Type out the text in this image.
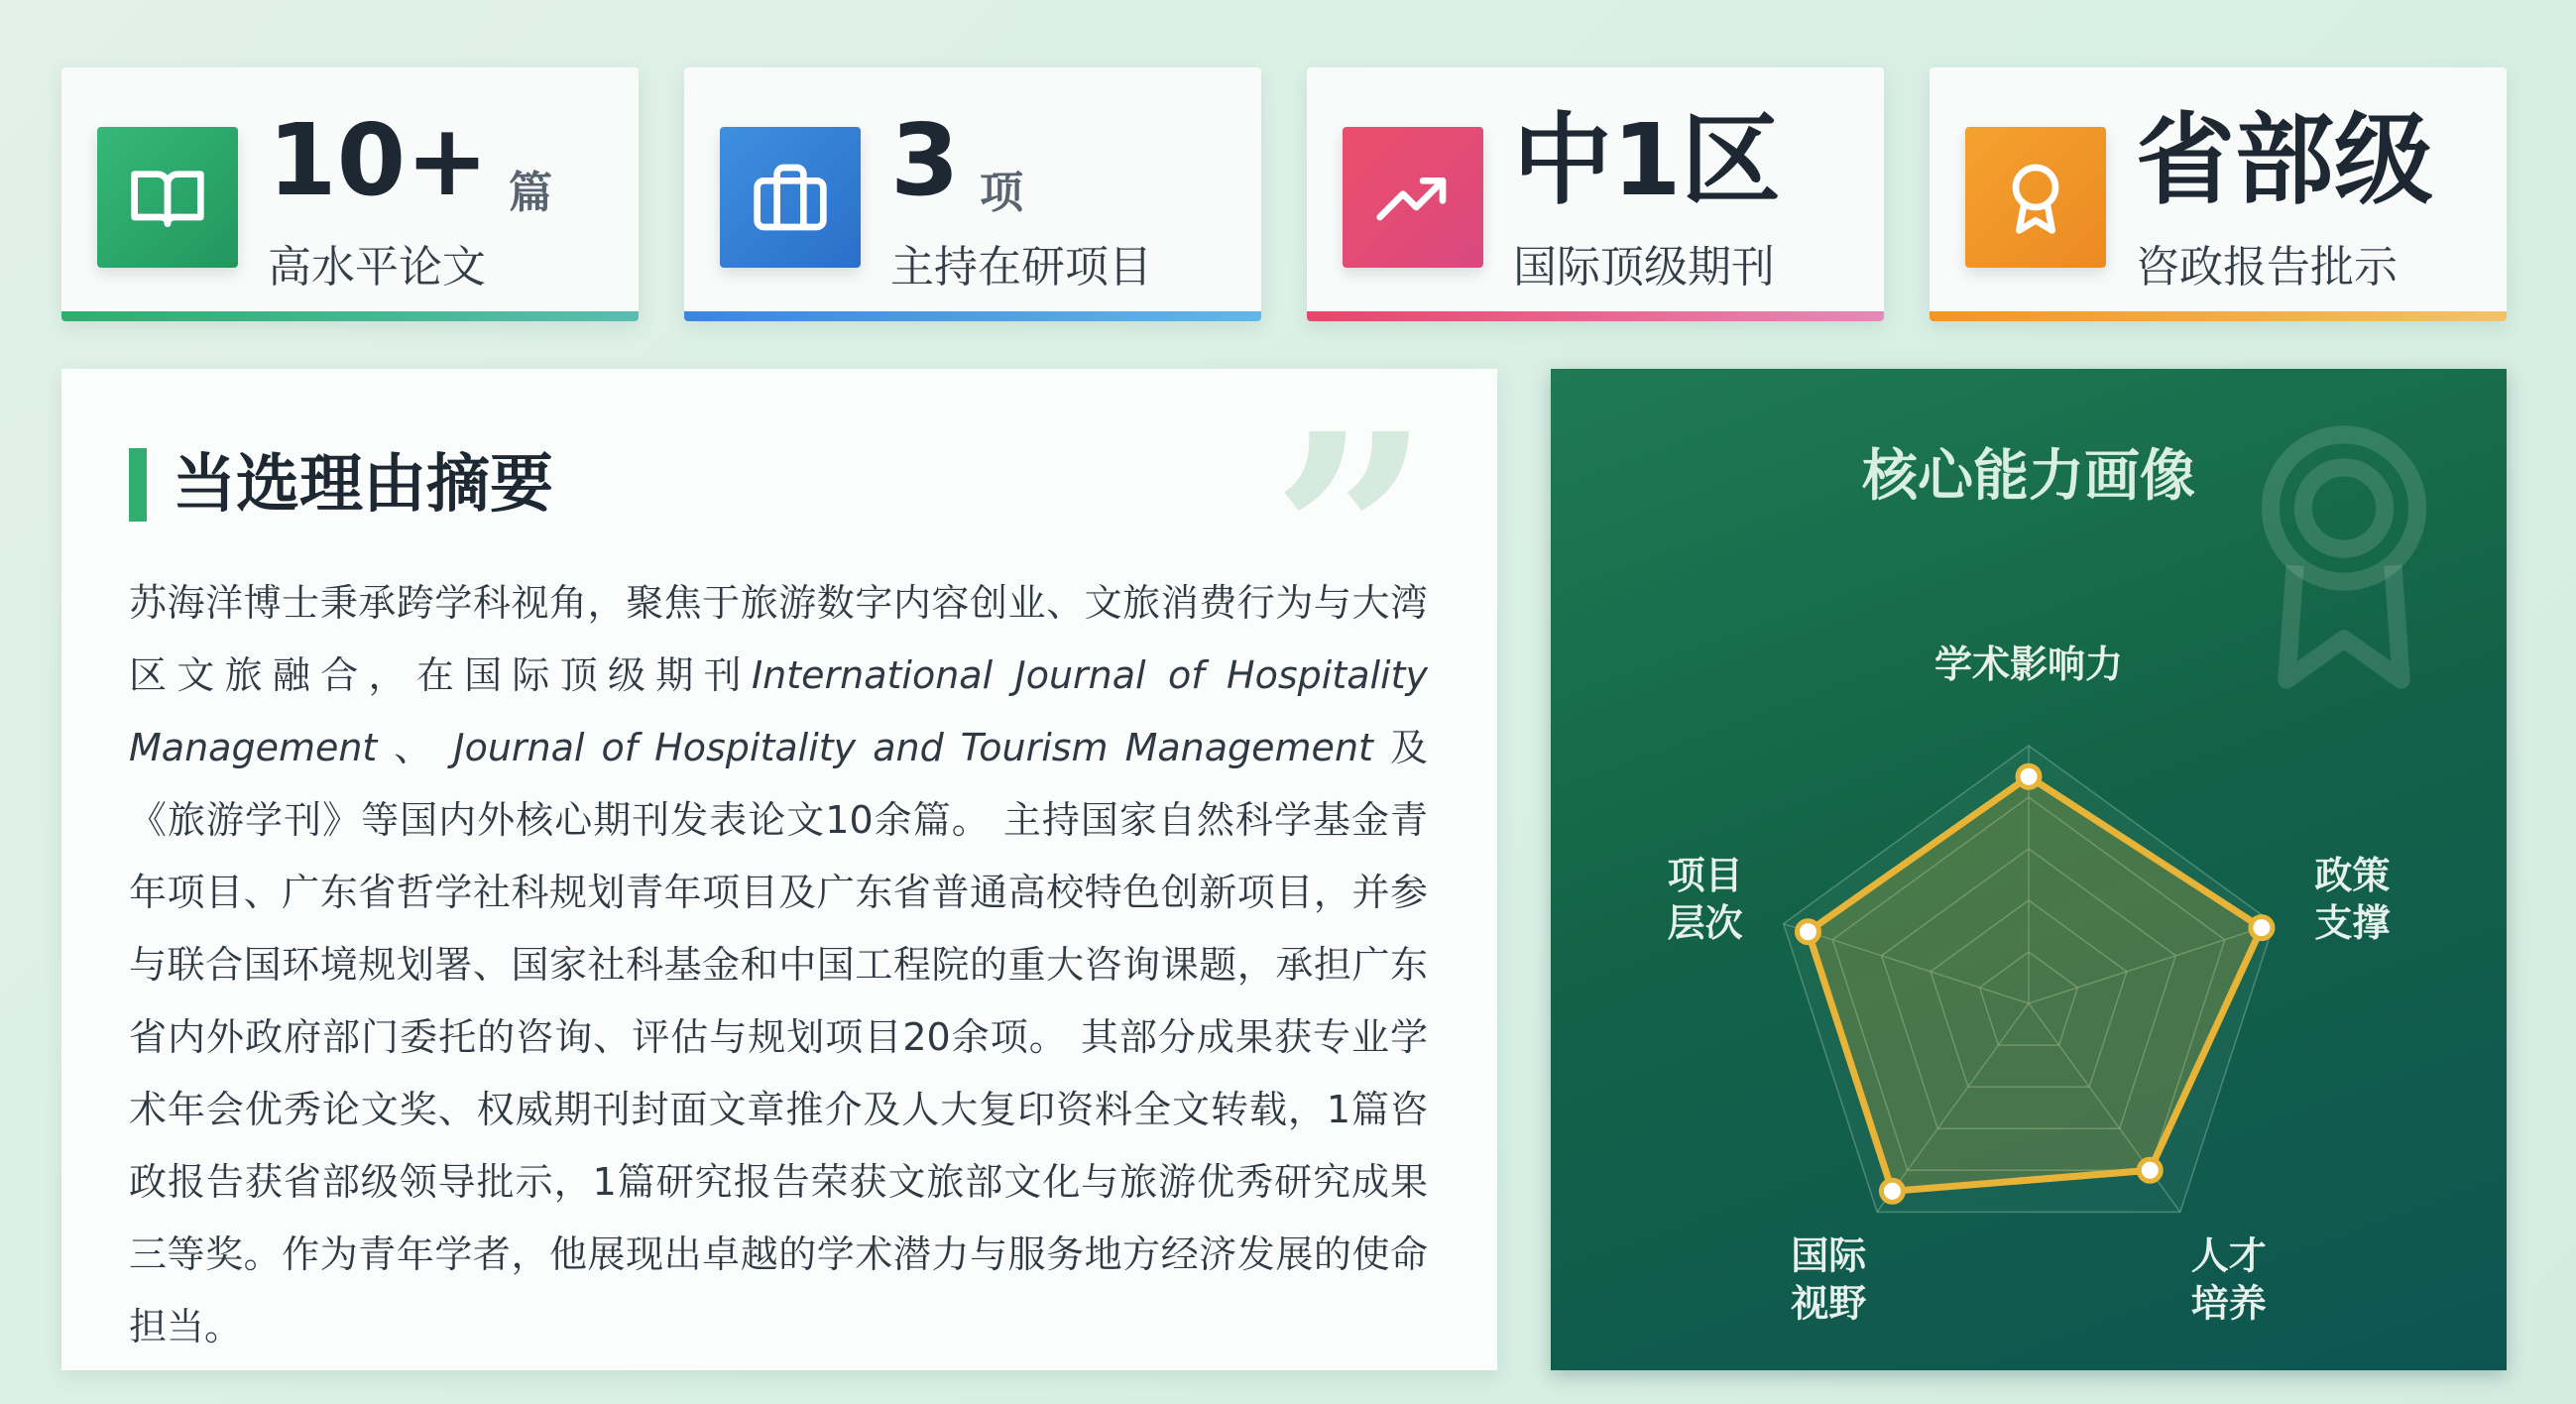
10+ 篇
高水平论文
3 项
主持在研项目
中1区
国际顶级期刊
省部级
咨政报告批示
”
当选理由摘要
苏海洋博士秉承跨学科视角，聚焦于旅游数字内容创业、文旅消费行为与大湾区文旅融合，在国际顶级期刊International Journal of Hospitality Management 、 Journal of Hospitality and Tourism Management 及《旅游学刊》等国内外核心期刊发表论文10余篇。 主持国家自然科学基金青年项目、广东省哲学社科规划青年项目及广东省普通高校特色创新项目，并参与联合国环境规划署、国家社科基金和中国工程院的重大咨询课题，承担广东省内外政府部门委托的咨询、评估与规划项目20余项。 其部分成果获专业学术年会优秀论文奖、权威期刊封面文章推介及人大复印资料全文转载，1篇咨政报告获省部级领导批示，1篇研究报告荣获文旅部文化与旅游优秀研究成果三等奖。作为青年学者，他展现出卓越的学术潜力与服务地方经济发展的使命担当。
核心能力画像
学术影响力
政策
支撑
人才
培养
国际
视野
项目
层次
